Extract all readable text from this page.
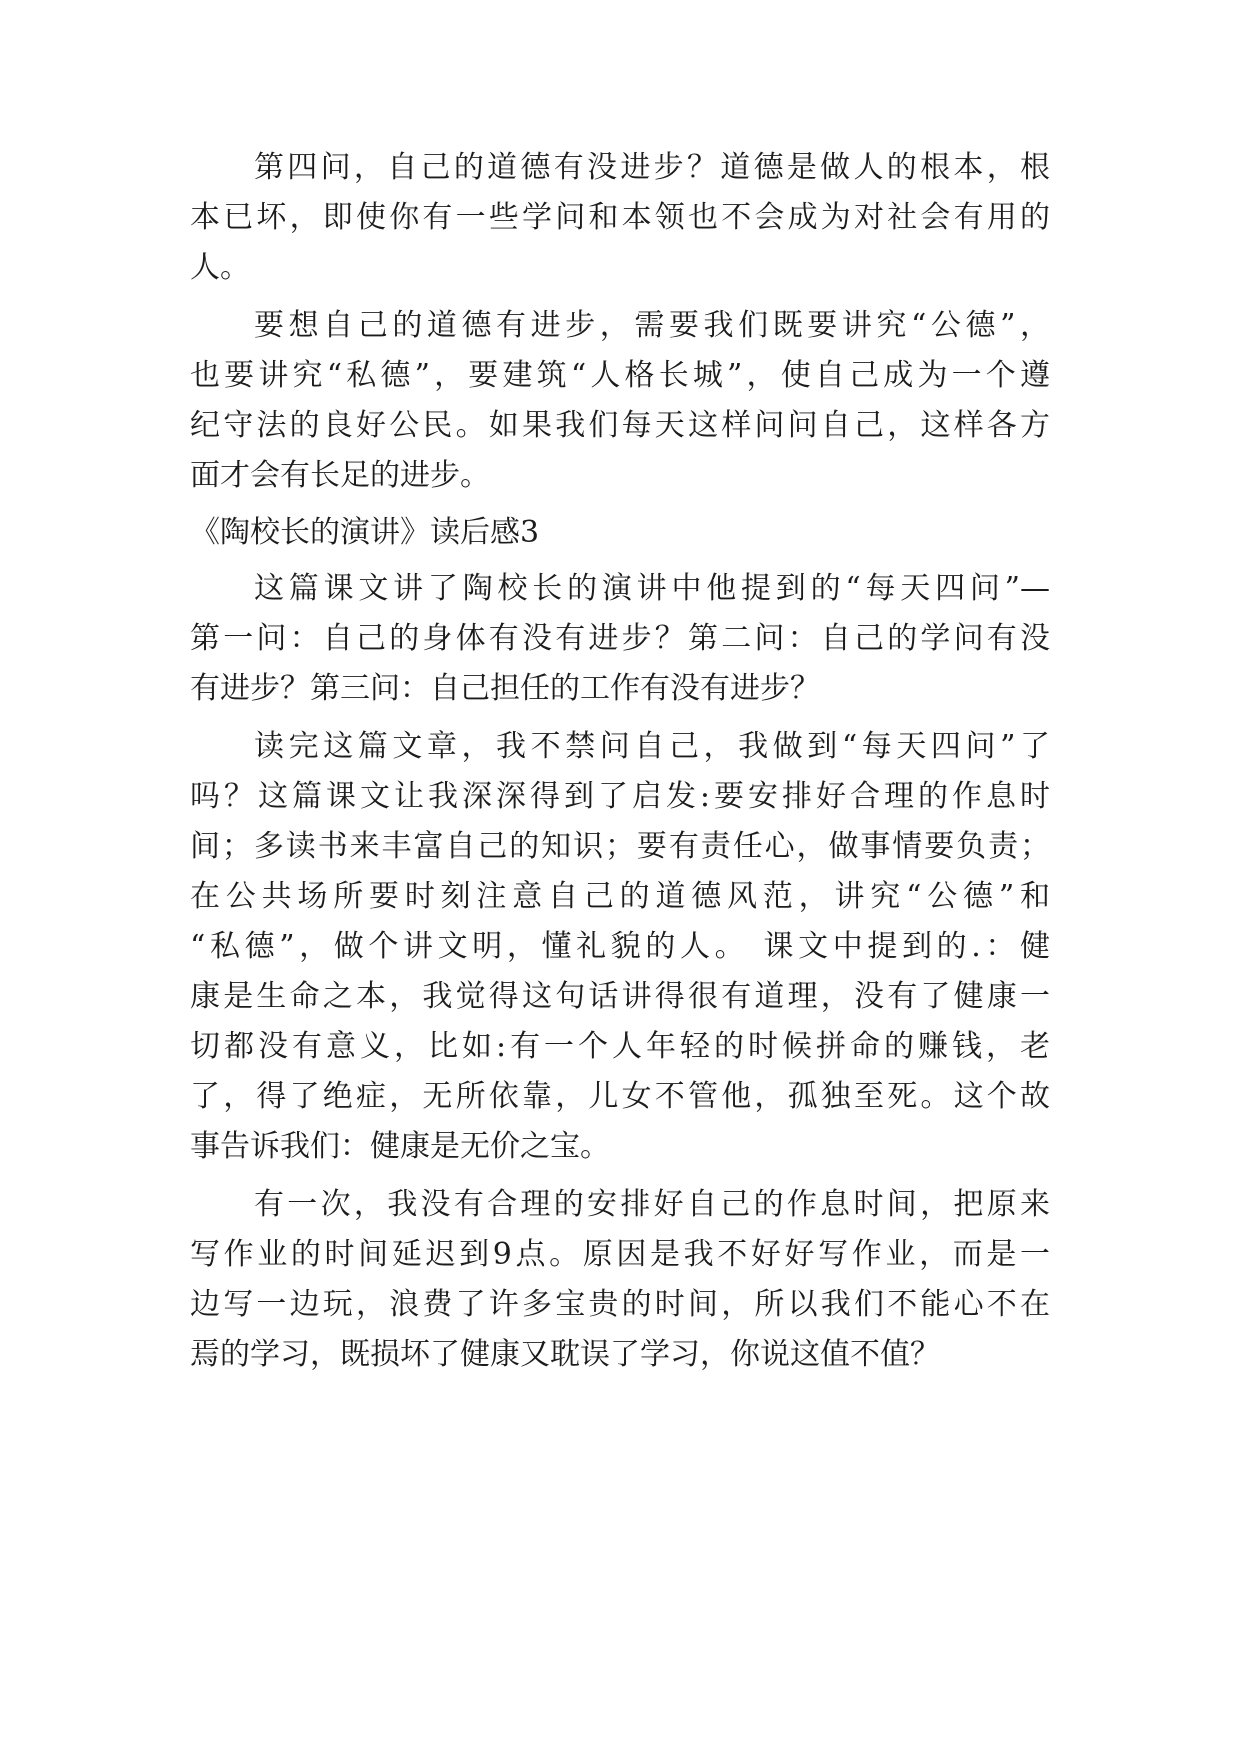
第四问，自己的道德有没进步？道德是做人的根本，根
本已坏，即使你有一些学问和本领也不会成为对社会有用的
人。
要想自己的道德有进步，需要我们既要讲究“公德”，
也要讲究“私德”，要建筑“人格长城”，使自己成为一个遵
纪守法的良好公民。如果我们每天这样问问自己，这样各方
面才会有长足的进步。
《陶校长的演讲》读后感3
这篇课文讲了陶校长的演讲中他提到的“每天四问”—
第一问：自己的身体有没有进步？第二问：自己的学问有没
有进步？第三问：自己担任的工作有没有进步？
读完这篇文章，我不禁问自己，我做到“每天四问”了
吗？这篇课文让我深深得到了启发:要安排好合理的作息时
间；多读书来丰富自己的知识；要有责任心，做事情要负责；
在公共场所要时刻注意自己的道德风范，讲究“公德”和
“私德”，做个讲文明，懂礼貌的人。 课文中提到的.：健
康是生命之本，我觉得这句话讲得很有道理，没有了健康一
切都没有意义，比如:有一个人年轻的时候拼命的赚钱，老
了，得了绝症，无所依靠，儿女不管他，孤独至死。这个故
事告诉我们：健康是无价之宝。
有一次，我没有合理的安排好自己的作息时间，把原来
写作业的时间延迟到9点。原因是我不好好写作业，而是一
边写一边玩，浪费了许多宝贵的时间，所以我们不能心不在
焉的学习，既损坏了健康又耽误了学习，你说这值不值？
